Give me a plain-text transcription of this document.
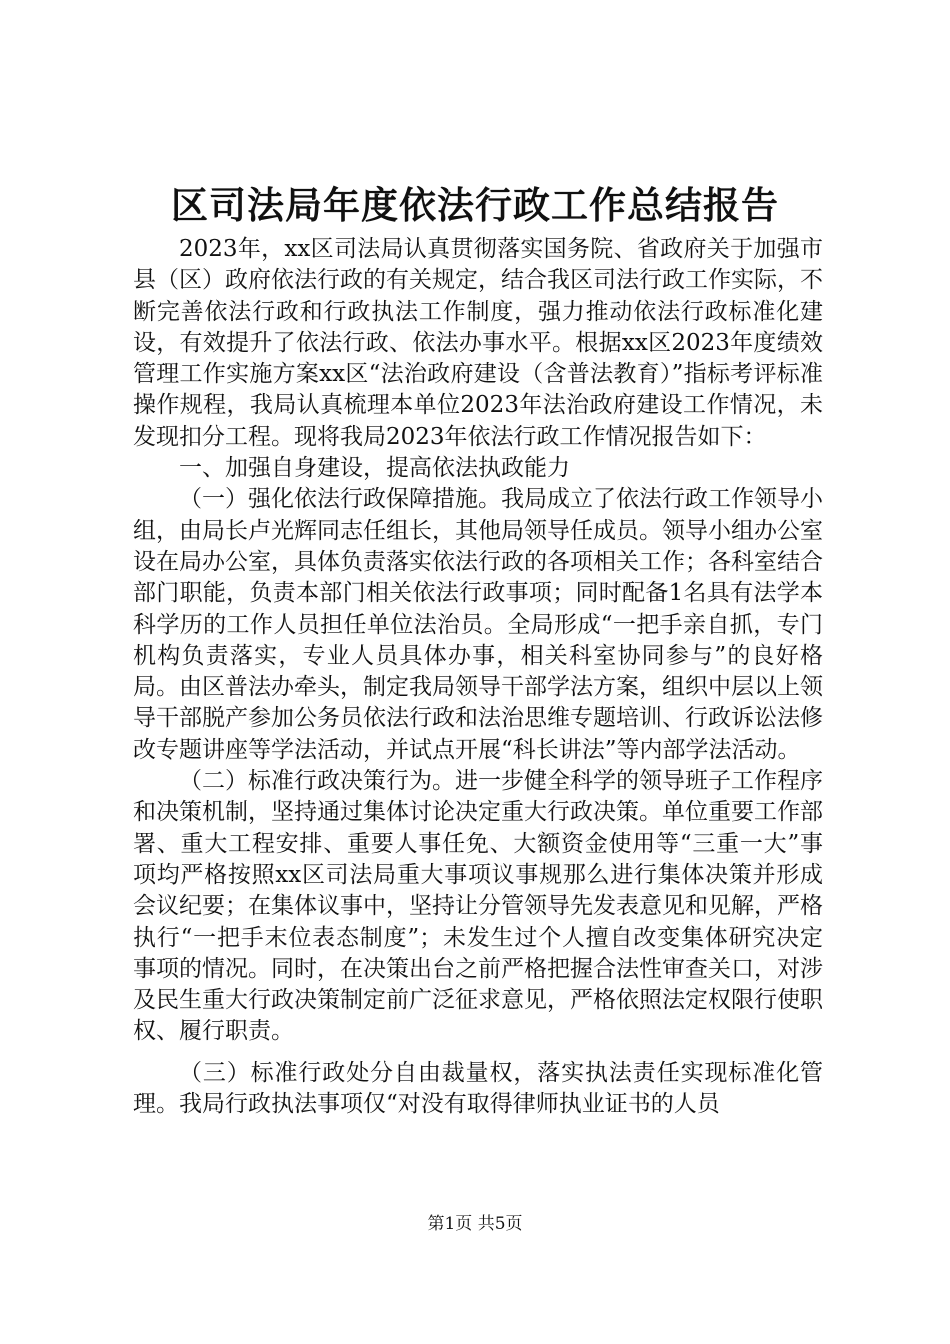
区司法局年度依法行政工作总结报告

2023年，xx区司法局认真贯彻落实国务院、省政府关于加强市县（区）政府依法行政的有关规定，结合我区司法行政工作实际，不断完善依法行政和行政执法工作制度，强力推动依法行政标准化建设，有效提升了依法行政、依法办事水平。根据xx区2023年度绩效管理工作实施方案xx区“法治政府建设（含普法教育）”指标考评标准操作规程，我局认真梳理本单位2023年法治政府建设工作情况，未发现扣分工程。现将我局2023年依法行政工作情况报告如下：

一、加强自身建设，提高依法执政能力

（一）强化依法行政保障措施。我局成立了依法行政工作领导小组，由局长卢光辉同志任组长，其他局领导任成员。领导小组办公室设在局办公室，具体负责落实依法行政的各项相关工作；各科室结合部门职能，负责本部门相关依法行政事项；同时配备1名具有法学本科学历的工作人员担任单位法治员。全局形成“一把手亲自抓，专门机构负责落实，专业人员具体办事，相关科室协同参与”的良好格局。由区普法办牵头，制定我局领导干部学法方案，组织中层以上领导干部脱产参加公务员依法行政和法治思维专题培训、行政诉讼法修改专题讲座等学法活动，并试点开展“科长讲法”等内部学法活动。

（二）标准行政决策行为。进一步健全科学的领导班子工作程序和决策机制，坚持通过集体讨论决定重大行政决策。单位重要工作部署、重大工程安排、重要人事任免、大额资金使用等“三重一大”事项均严格按照xx区司法局重大事项议事规那么进行集体决策并形成会议纪要；在集体议事中，坚持让分管领导先发表意见和见解，严格执行“一把手末位表态制度”；未发生过个人擅自改变集体研究决定事项的情况。同时，在决策出台之前严格把握合法性审查关口，对涉及民生重大行政决策制定前广泛征求意见，严格依照法定权限行使职权、履行职责。

（三）标准行政处分自由裁量权，落实执法责任实现标准化管理。我局行政执法事项仅“对没有取得律师执业证书的人员

第1页 共5页
